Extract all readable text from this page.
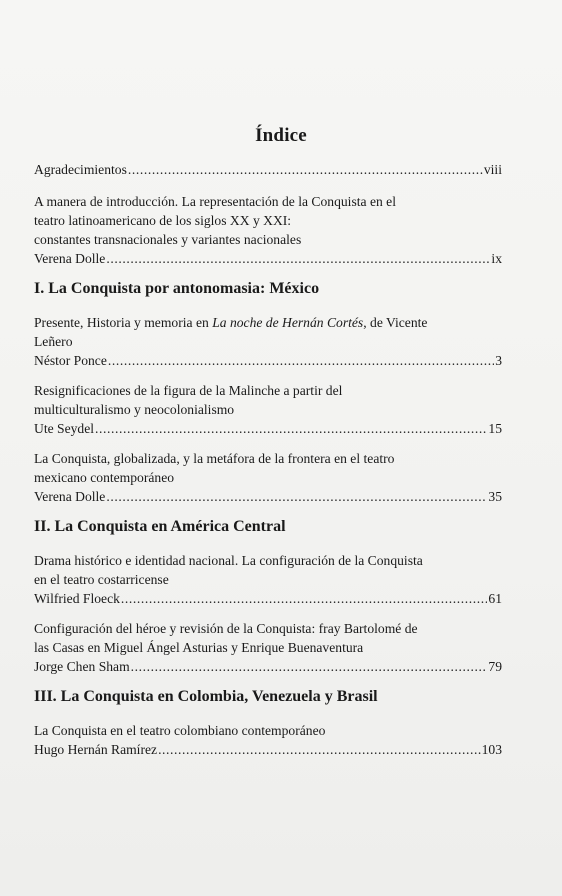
Índice
Agradecimientos .....	viii
A manera de introducción. La representación de la Conquista en el
teatro latinoamericano de los siglos XX y XXI:
constantes transnacionales y variantes nacionales
Verena Dolle .....	ix
I. La Conquista por antonomasia: México
Presente, Historia y memoria en La noche de Hernán Cortés, de Vicente
Leñero
Néstor Ponce .....	3
Resignificaciones de la figura de la Malinche a partir del
multiculturalismo y neocolonialismo
Ute Seydel .....	15
La Conquista, globalizada, y la metáfora de la frontera en el teatro
mexicano contemporáneo
Verena Dolle .....	35
II. La Conquista en América Central
Drama histórico e identidad nacional. La configuración de la Conquista
en el teatro costarricense
Wilfried Floeck .....	61
Configuración del héroe y revisión de la Conquista: fray Bartolomé de
las Casas en Miguel Ángel Asturias y Enrique Buenaventura
Jorge Chen Sham .....	79
III. La Conquista en Colombia, Venezuela y Brasil
La Conquista en el teatro colombiano contemporáneo
Hugo Hernán Ramírez .....	103
